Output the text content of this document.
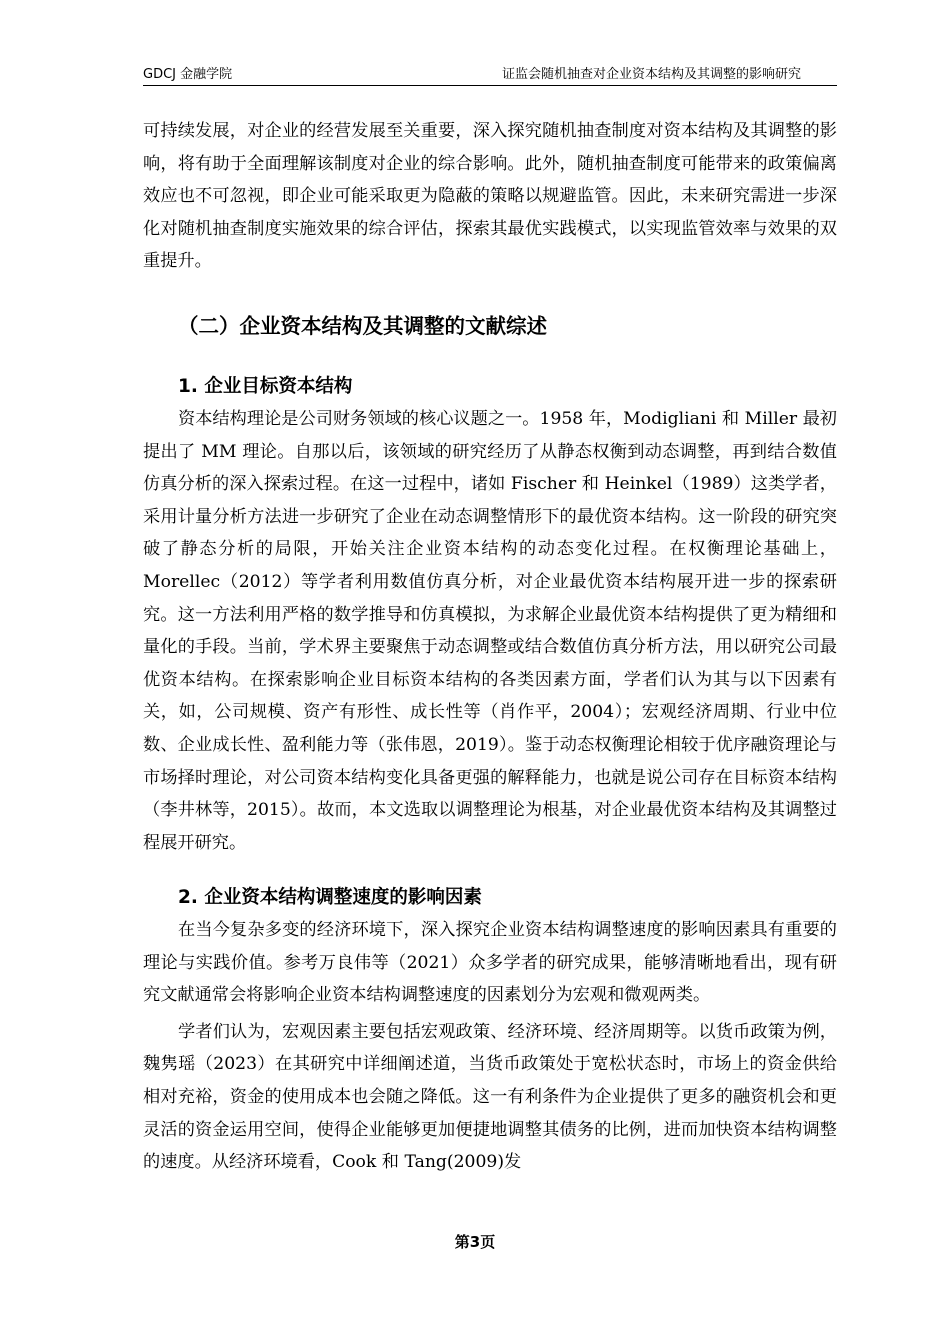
GDCJ 金融学院	证监会随机抽查对企业资本结构及其调整的影响研究

可持续发展，对企业的经营发展至关重要，深入探究随机抽查制度对资本结构及其调整的影响，将有助于全面理解该制度对企业的综合影响。此外，随机抽查制度可能带来的政策偏离效应也不可忽视，即企业可能采取更为隐蔽的策略以规避监管。因此，未来研究需进一步深化对随机抽查制度实施效果的综合评估，探索其最优实践模式，以实现监管效率与效果的双重提升。

（二）企业资本结构及其调整的文献综述
1. 企业目标资本结构

资本结构理论是公司财务领域的核心议题之一。1958 年，Modigliani 和 Miller 最初提出了 MM 理论。自那以后，该领域的研究经历了从静态权衡到动态调整，再到结合数值仿真分析的深入探索过程。在这一过程中，诸如 Fischer 和 Heinkel（1989）这类学者，采用计量分析方法进一步研究了企业在动态调整情形下的最优资本结构。这一阶段的研究突破了静态分析的局限，开始关注企业资本结构的动态变化过程。在权衡理论基础上，Morellec（2012）等学者利用数值仿真分析，对企业最优资本结构展开进一步的探索研究。这一方法利用严格的数学推导和仿真模拟，为求解企业最优资本结构提供了更为精细和量化的手段。当前，学术界主要聚焦于动态调整或结合数值仿真分析方法，用以研究公司最优资本结构。在探索影响企业目标资本结构的各类因素方面，学者们认为其与以下因素有关，如，公司规模、资产有形性、成长性等（肖作平，2004）；宏观经济周期、行业中位数、企业成长性、盈利能力等（张伟恩，2019）。鉴于动态权衡理论相较于优序融资理论与市场择时理论，对公司资本结构变化具备更强的解释能力，也就是说公司存在目标资本结构（李井林等，2015）。故而，本文选取以调整理论为根基，对企业最优资本结构及其调整过程展开研究。

2. 企业资本结构调整速度的影响因素

在当今复杂多变的经济环境下，深入探究企业资本结构调整速度的影响因素具有重要的理论与实践价值。参考万良伟等（2021）众多学者的研究成果，能够清晰地看出，现有研究文献通常会将影响企业资本结构调整速度的因素划分为宏观和微观两类。

学者们认为，宏观因素主要包括宏观政策、经济环境、经济周期等。以货币政策为例，魏隽瑶（2023）在其研究中详细阐述道，当货币政策处于宽松状态时，市场上的资金供给相对充裕，资金的使用成本也会随之降低。这一有利条件为企业提供了更多的融资机会和更灵活的资金运用空间，使得企业能够更加便捷地调整其债务的比例，进而加快资本结构调整的速度。从经济环境看，Cook 和 Tang(2009)发

第3页
